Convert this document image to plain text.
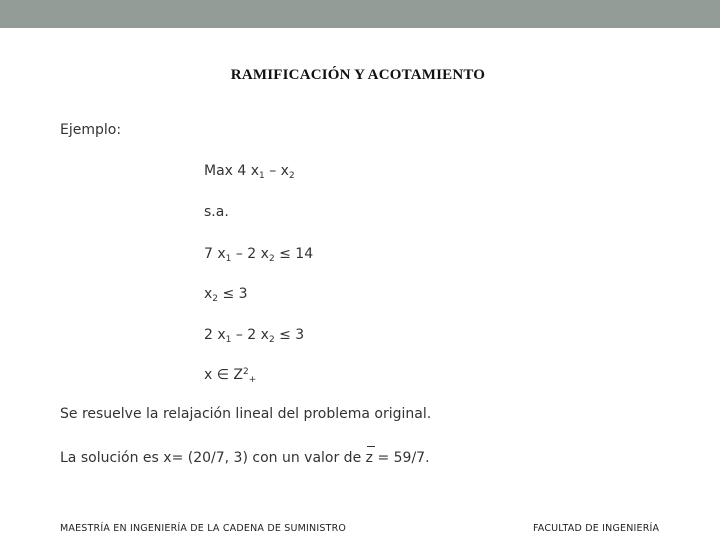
RAMIFICACIÓN Y ACOTAMIENTO
Ejemplo:
Max 4 $x_1 - x_2$
s.a.
7 $x_1 - 2$ $x_2 \le 14$
$x_2 \le 3$
2 $x_1 - 2$ $x_2 \le 3$
x ∈ $Z^2_+$
Se resuelve la relajación lineal del problema original.
La solución es x= (20/7, 3) con un valor de z = 59/7.
MAESTRÍA EN INGENIERÍA DE LA CADENA DE SUMINISTRO	FACULTAD DE INGENIERÍA
